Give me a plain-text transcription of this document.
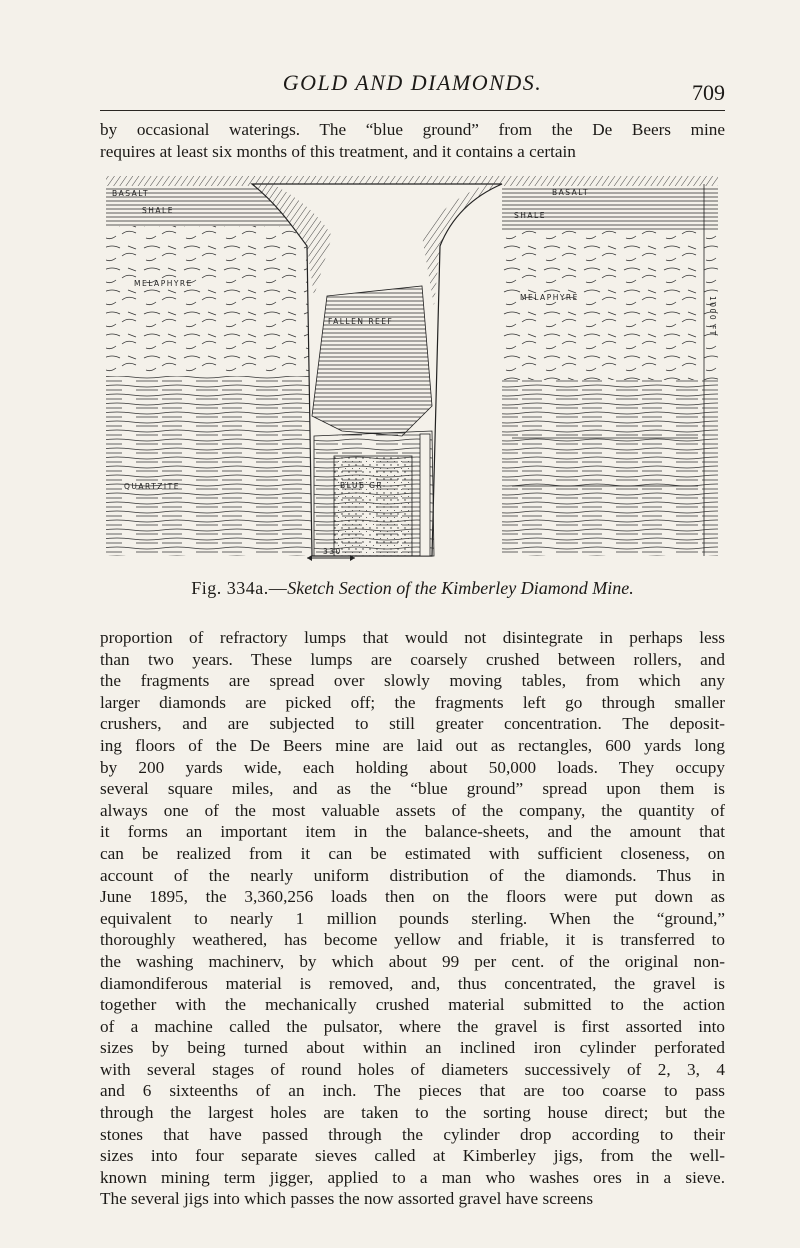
GOLD AND DIAMONDS.	709

by occasional waterings. The “blue ground” from the De Beers mine
requires at least six months of this treatment, and it contains a certain

BASALT
SHALE
BASALT
SHALE
MELAPHYRE
MELAPHYRE
FALLEN REEF
QUARTZITE	BLUE GR
330
1000 FT
Fig. 334a.—Sketch Section of the Kimberley Diamond Mine.

proportion of refractory lumps that would not disintegrate in perhaps less
than two years. These lumps are coarsely crushed between rollers, and
the fragments are spread over slowly moving tables, from which any
larger diamonds are picked off; the fragments left go through smaller
crushers, and are subjected to still greater concentration. The deposit-
ing floors of the De Beers mine are laid out as rectangles, 600 yards long
by 200 yards wide, each holding about 50,000 loads. They occupy
several square miles, and as the “blue ground” spread upon them is
always one of the most valuable assets of the company, the quantity of
it forms an important item in the balance-sheets, and the amount that
can be realized from it can be estimated with sufficient closeness, on
account of the nearly uniform distribution of the diamonds. Thus in
June 1895, the 3,360,256 loads then on the floors were put down as
equivalent to nearly 1 million pounds sterling. When the “ground,”
thoroughly weathered, has become yellow and friable, it is transferred to
the washing machinerv, by which about 99 per cent. of the original non-
diamondiferous material is removed, and, thus concentrated, the gravel is
together with the mechanically crushed material submitted to the action
of a machine called the pulsator, where the gravel is first assorted into
sizes by being turned about within an inclined iron cylinder perforated
with several stages of round holes of diameters successively of 2, 3, 4
and 6 sixteenths of an inch. The pieces that are too coarse to pass
through the largest holes are taken to the sorting house direct; but the
stones that have passed through the cylinder drop according to their
sizes into four separate sieves called at Kimberley jigs, from the well-
known mining term jigger, applied to a man who washes ores in a sieve.
The several jigs into which passes the now assorted gravel have screens
